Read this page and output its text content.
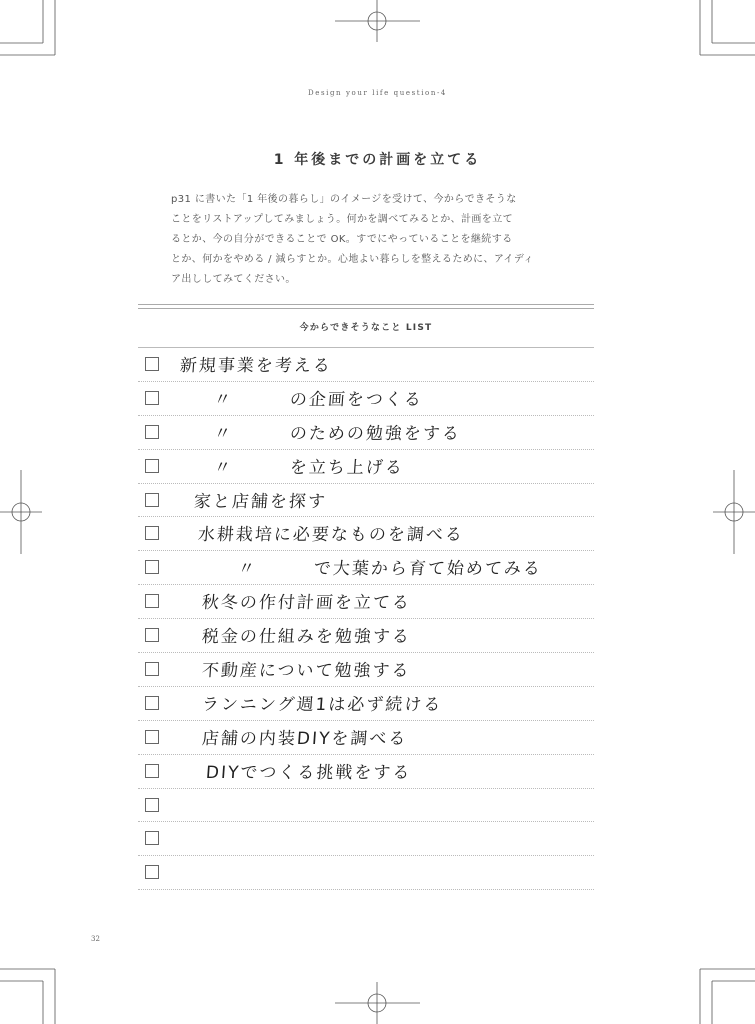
Design your life question-4
1 年後までの計画を立てる
p31 に書いた「1 年後の暮らし」のイメージを受けて、今からできそうな
ことをリストアップしてみましょう。何かを調べてみるとか、計画を立て
るとか、今の自分ができることで OK。すでにやっていることを継続する
とか、何かをやめる / 減らすとか。心地よい暮らしを整えるために、アイディ
ア出ししてみてください。
今からできそうなこと LIST
新規事業を考える
〃　　　の企画をつくる
〃　　　のための勉強をする
〃　　　を立ち上げる
家と店舗を探す
水耕栽培に必要なものを調べる
〃　　　で大葉から育て始めてみる
秋冬の作付計画を立てる
税金の仕組みを勉強する
不動産について勉強する
ランニング週1は必ず続ける
店舗の内装DIYを調べる
DIYでつくる挑戦をする
32
